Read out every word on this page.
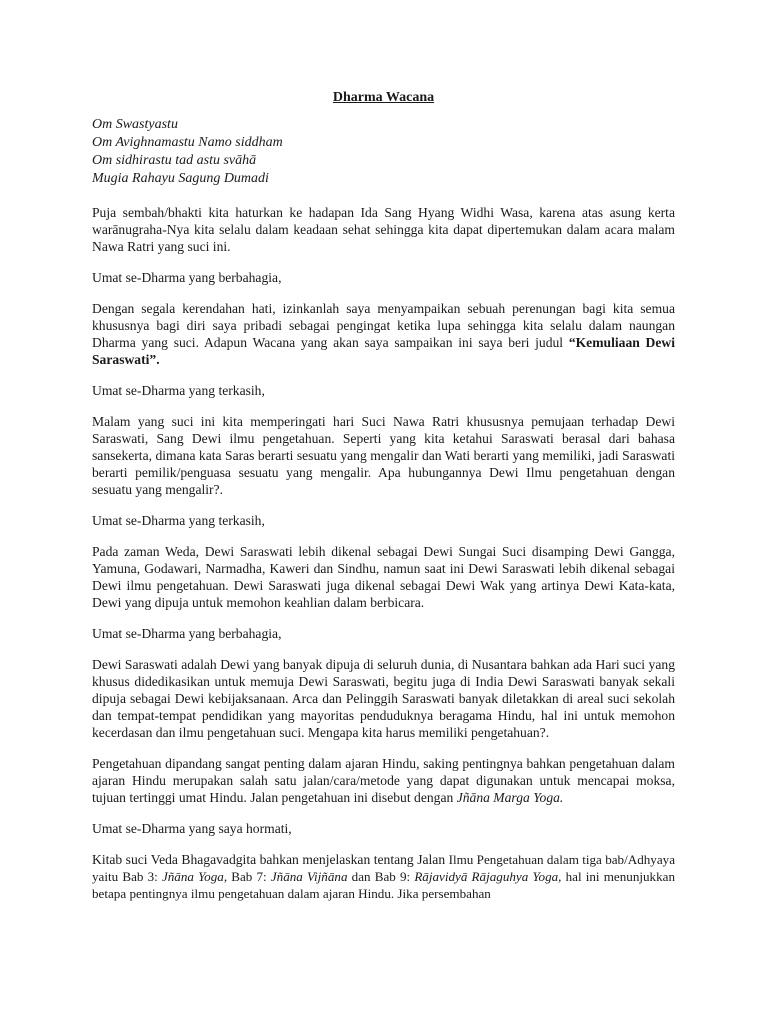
Dharma Wacana
Om Swastyastu
Om Avighnamastu Namo siddham
Om sidhirastu tad astu svāhā
Mugia Rahayu Sagung Dumadi
Puja sembah/bhakti kita haturkan ke hadapan Ida Sang Hyang Widhi Wasa, karena atas asung kerta warānugraha-Nya kita selalu dalam keadaan sehat sehingga kita dapat dipertemukan dalam acara malam Nawa Ratri yang suci ini.
Umat se-Dharma yang berbahagia,
Dengan segala kerendahan hati, izinkanlah saya menyampaikan sebuah perenungan bagi kita semua khususnya bagi diri saya pribadi sebagai pengingat ketika lupa sehingga kita selalu dalam naungan Dharma yang suci. Adapun Wacana yang akan saya sampaikan ini saya beri judul “Kemuliaan Dewi Saraswati”.
Umat se-Dharma yang terkasih,
Malam yang suci ini kita memperingati hari Suci Nawa Ratri khususnya pemujaan terhadap Dewi Saraswati, Sang Dewi ilmu pengetahuan. Seperti yang kita ketahui Saraswati berasal dari bahasa sansekerta, dimana kata Saras berarti sesuatu yang mengalir dan Wati berarti yang memiliki, jadi Saraswati berarti pemilik/penguasa sesuatu yang mengalir. Apa hubungannya Dewi Ilmu pengetahuan dengan sesuatu yang mengalir?.
Umat se-Dharma yang terkasih,
Pada zaman Weda, Dewi Saraswati lebih dikenal sebagai Dewi Sungai Suci disamping Dewi Gangga, Yamuna, Godawari, Narmadha, Kaweri dan Sindhu, namun saat ini Dewi Saraswati lebih dikenal sebagai Dewi ilmu pengetahuan. Dewi Saraswati juga dikenal sebagai Dewi Wak yang artinya Dewi Kata-kata, Dewi yang dipuja untuk memohon keahlian dalam berbicara.
Umat se-Dharma yang berbahagia,
Dewi Saraswati adalah Dewi yang banyak dipuja di seluruh dunia, di Nusantara bahkan ada Hari suci yang khusus didedikasikan untuk memuja Dewi Saraswati, begitu juga di India Dewi Saraswati banyak sekali dipuja sebagai Dewi kebijaksanaan. Arca dan Pelinggih Saraswati banyak diletakkan di areal suci sekolah dan tempat-tempat pendidikan yang mayoritas penduduknya beragama Hindu, hal ini untuk memohon kecerdasan dan ilmu pengetahuan suci. Mengapa kita harus memiliki pengetahuan?.
Pengetahuan dipandang sangat penting dalam ajaran Hindu, saking pentingnya bahkan pengetahuan dalam ajaran Hindu merupakan salah satu jalan/cara/metode yang dapat digunakan untuk mencapai moksa, tujuan tertinggi umat Hindu. Jalan pengetahuan ini disebut dengan Jñāna Marga Yoga.
Umat se-Dharma yang saya hormati,
Kitab suci Veda Bhagavadgita bahkan menjelaskan tentang Jalan Ilmu Pengetahuan dalam tiga bab/Adhyaya yaitu Bab 3: Jñāna Yoga, Bab 7: Jñāna Vijñāna dan Bab 9: Rājavidyā Rājaguhya Yoga, hal ini menunjukkan betapa pentingnya ilmu pengetahuan dalam ajaran Hindu. Jika persembahan
